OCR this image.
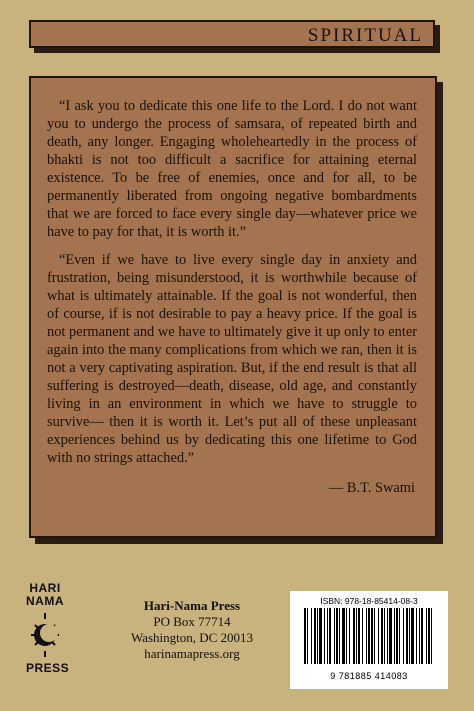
SPIRITUAL

“I ask you to dedicate this one life to the Lord. I do not want you to undergo the process of samsara, of repeated birth and death, any longer. Engaging wholeheartedly in the process of bhakti is not too difficult a sacrifice for attaining eternal existence. To be free of enemies, once and for all, to be permanently liberated from ongoing negative bombardments that we are forced to face every single day—whatever price we have to pay for that, it is worth it.”

“Even if we have to live every single day in anxiety and frustration, being misunderstood, it is worthwhile because of what is ultimately attainable. If the goal is not wonderful, then of course, if is not desirable to pay a heavy price. If the goal is not permanent and we have to ultimately give it up only to enter again into the many complications from which we ran, then it is not a very captivating aspiration. But, if the end result is that all suffering is destroyed—death, disease, old age, and constantly living in an environment in which we have to struggle to survive— then it is worth it. Let’s put all of these unpleasant experiences behind us by dedicating this one lifetime to God with no strings attached.”

— B.T. Swami

HARI
NAMA
PRESS
Hari-Nama Press
PO Box 77714
Washington, DC 20013
harinamapress.org
ISBN: 978-18-85414-08-3
9 781885 414083
